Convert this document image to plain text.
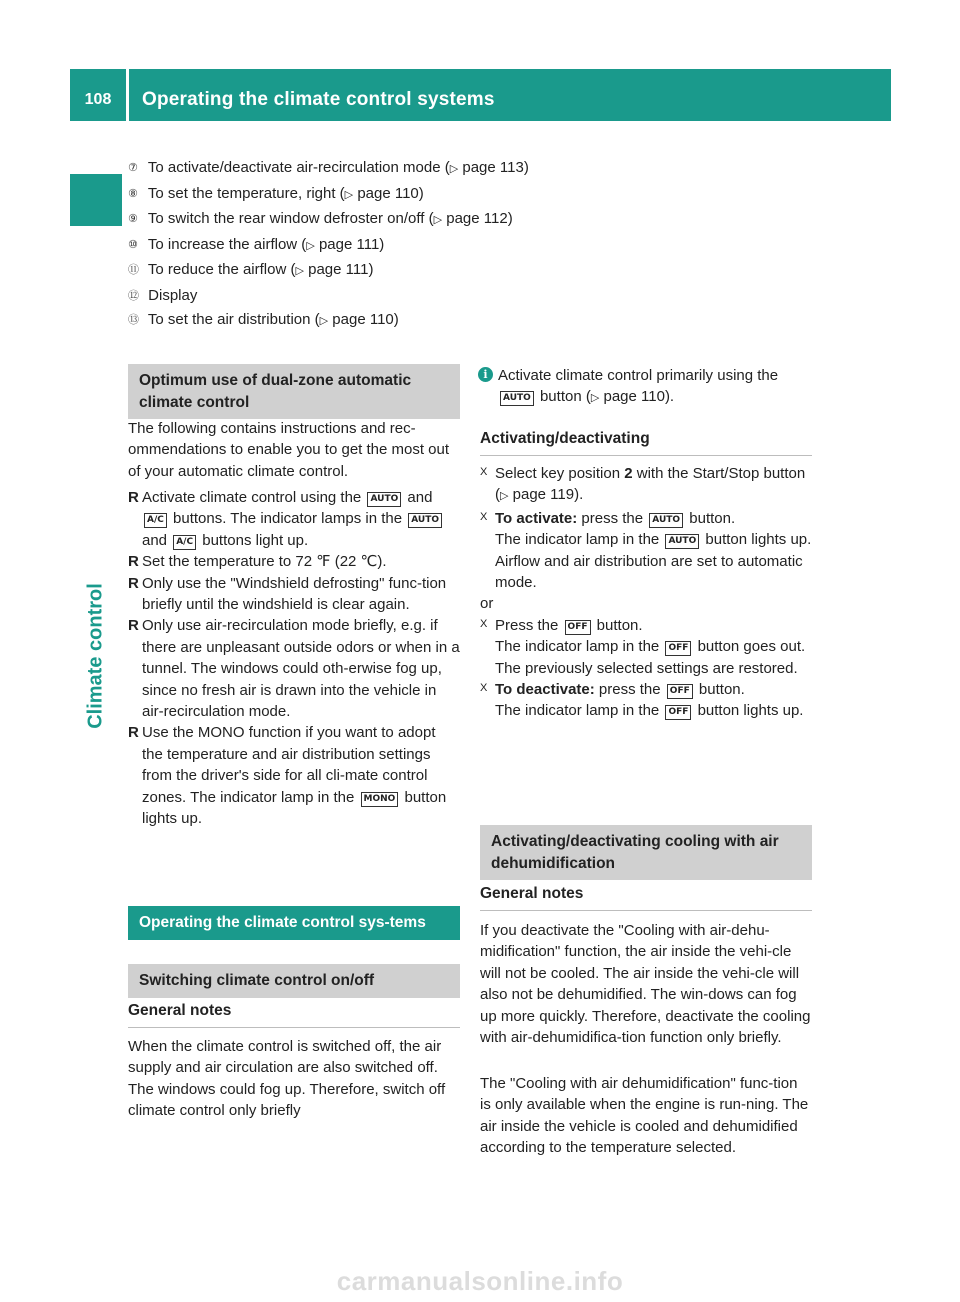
108	Operating the climate control systems
Climate control
⑦ To activate/deactivate air-recirculation mode (▷ page 113)
⑧ To set the temperature, right (▷ page 110)
⑨ To switch the rear window defroster on/off (▷ page 112)
⑩ To increase the airflow (▷ page 111)
⑪ To reduce the airflow (▷ page 111)
⑫ Display
⑬ To set the air distribution (▷ page 110)
Optimum use of dual-zone automatic climate control

The following contains instructions and rec-ommendations to enable you to get the most out of your automatic climate control.

R Activate climate control using the AUTO and A/C buttons. The indicator lamps in the AUTO and A/C buttons light up.
R Set the temperature to 72 ℉ (22 ℃).
R Only use the "Windshield defrosting" func-tion briefly until the windshield is clear again.
R Only use air-recirculation mode briefly, e.g. if there are unpleasant outside odors or when in a tunnel. The windows could oth-erwise fog up, since no fresh air is drawn into the vehicle in air-recirculation mode.
R Use the MONO function if you want to adopt the temperature and air distribution settings from the driver's side for all cli-mate control zones. The indicator lamp in the MONO button lights up.
Operating the climate control sys-tems
Switching climate control on/off
General notes

When the climate control is switched off, the air supply and air circulation are also switched off. The windows could fog up. Therefore, switch off climate control only briefly

i Activate climate control primarily using the AUTO button (▷ page 110).
Activating/deactivating
X Select key position 2 with the Start/Stop button (▷ page 119).
X To activate: press the AUTO button.
The indicator lamp in the AUTO button lights up. Airflow and air distribution are set to automatic mode.
or
X Press the OFF button.
The indicator lamp in the OFF button goes out. The previously selected settings are restored.
X To deactivate: press the OFF button.
The indicator lamp in the OFF button lights up.
Activating/deactivating cooling with air dehumidification
General notes

If you deactivate the "Cooling with air-dehu-midification" function, the air inside the vehi-cle will not be cooled. The air inside the vehi-cle will also not be dehumidified. The win-dows can fog up more quickly. Therefore, deactivate the cooling with air-dehumidifica-tion function only briefly.

The "Cooling with air dehumidification" func-tion is only available when the engine is run-ning. The air inside the vehicle is cooled and dehumidified according to the temperature selected.

carmanualsonline.info
